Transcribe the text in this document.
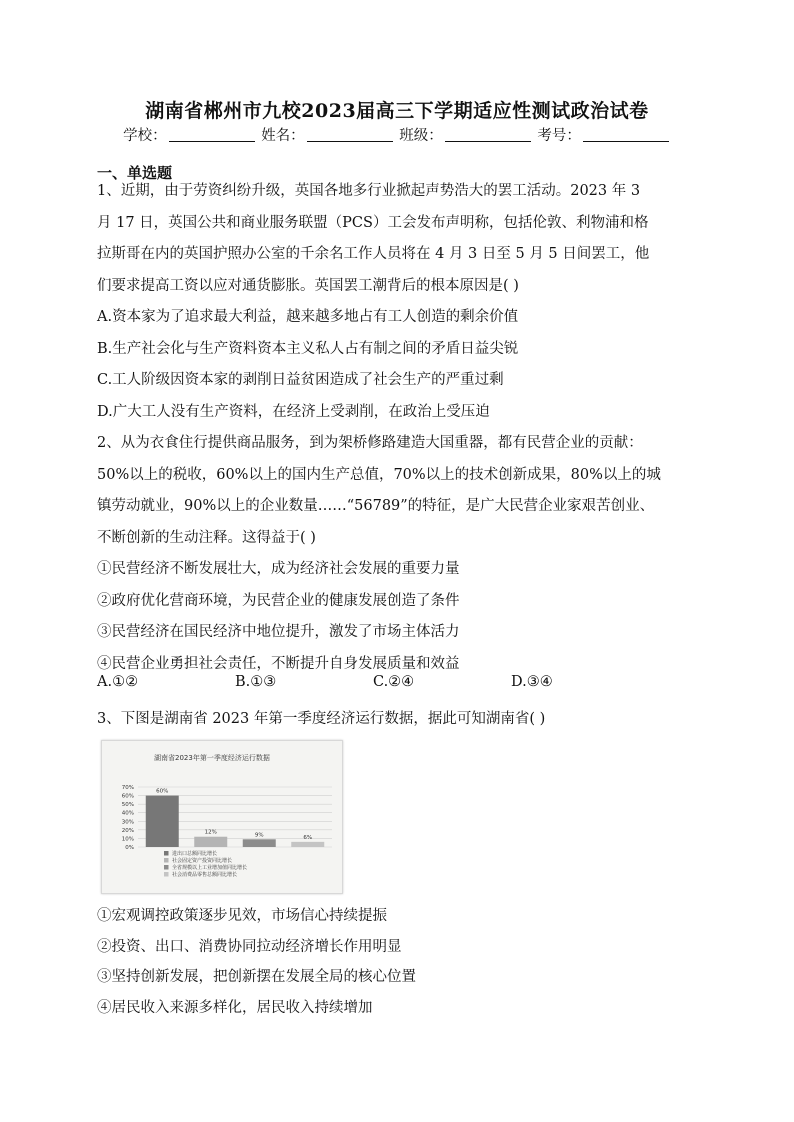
湖南省郴州市九校2023届高三下学期适应性测试政治试卷
学校：	姓名：	班级：	考号：
一、单选题
1、近期，由于劳资纠纷升级，英国各地多行业掀起声势浩大的罢工活动。2023 年 3
月 17 日，英国公共和商业服务联盟（PCS）工会发布声明称，包括伦敦、利物浦和格
拉斯哥在内的英国护照办公室的千余名工作人员将在 4 月 3 日至 5 月 5 日间罢工，他
们要求提高工资以应对通货膨胀。英国罢工潮背后的根本原因是( )
A.资本家为了追求最大利益，越来越多地占有工人创造的剩余价值
B.生产社会化与生产资料资本主义私人占有制之间的矛盾日益尖锐
C.工人阶级因资本家的剥削日益贫困造成了社会生产的严重过剩
D.广大工人没有生产资料，在经济上受剥削，在政治上受压迫
2、从为衣食住行提供商品服务，到为架桥修路建造大国重器，都有民营企业的贡献：
50%以上的税收，60%以上的国内生产总值，70%以上的技术创新成果，80%以上的城
镇劳动就业，90%以上的企业数量……“56789”的特征，是广大民营企业家艰苦创业、
不断创新的生动注释。这得益于( )
①民营经济不断发展壮大，成为经济社会发展的重要力量
②政府优化营商环境，为民营企业的健康发展创造了条件
③民营经济在国民经济中地位提升，激发了市场主体活力
④民营企业勇担社会责任，不断提升自身发展质量和效益
A.①②	B.①③	C.②④	D.③④
3、下图是湖南省 2023 年第一季度经济运行数据，据此可知湖南省( )
湖南省2023年第一季度经济运行数据
70%
60%
50%
40%
30%
20%
10%
0%
60%
12%	9%	6%
进出口总额同比增长
社会固定资产投资同比增长
全省规模以上工业增加值同比增长
社会消费品零售总额同比增长
①宏观调控政策逐步见效，市场信心持续提振
②投资、出口、消费协同拉动经济增长作用明显
③坚持创新发展，把创新摆在发展全局的核心位置
④居民收入来源多样化，居民收入持续增加
